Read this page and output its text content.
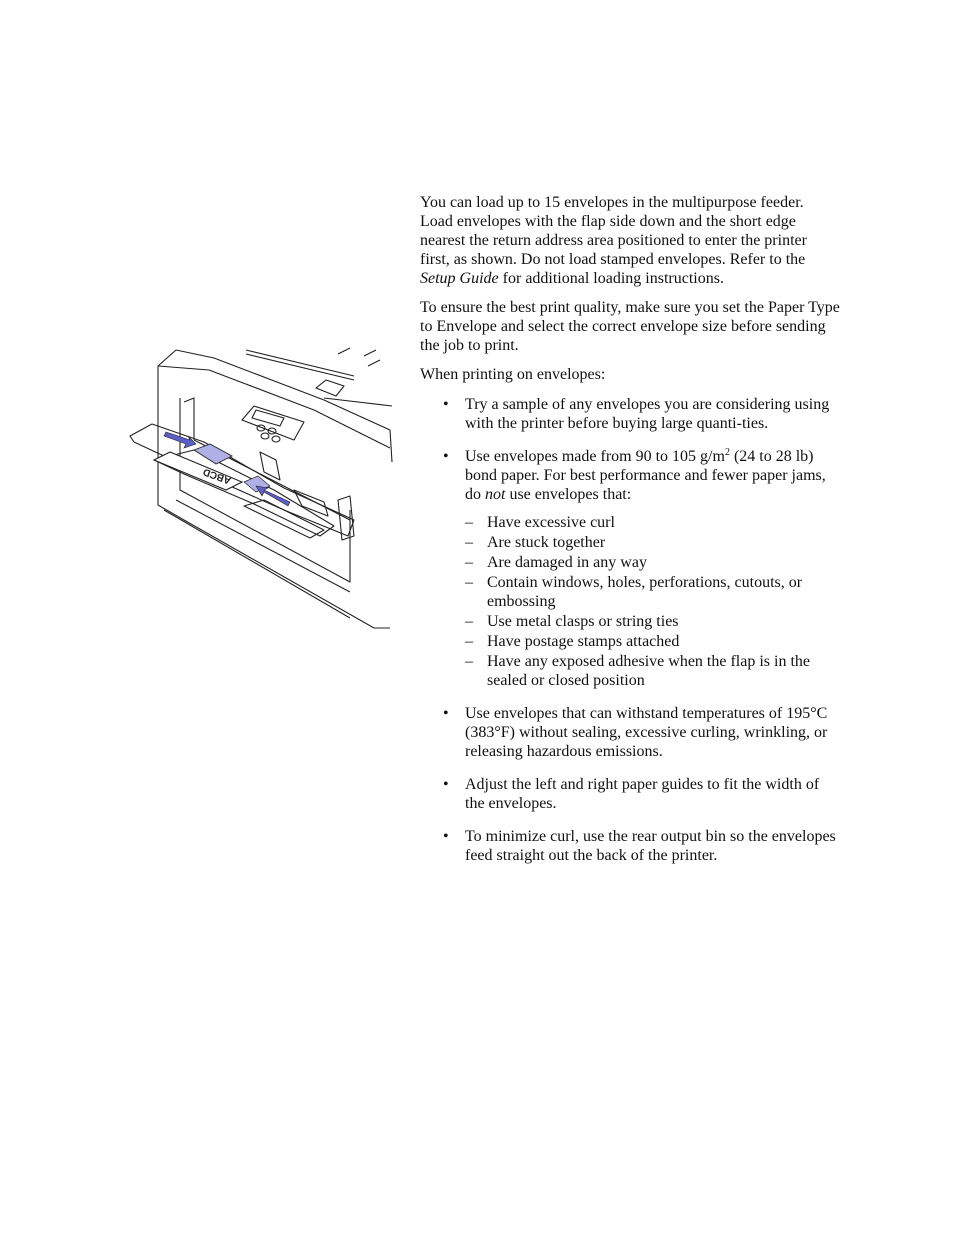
ABCD

You can load up to 15 envelopes in the multipurpose feeder. Load envelopes with the flap side down and the short edge nearest the return address area positioned to enter the printer first, as shown. Do not load stamped envelopes. Refer to the Setup Guide for additional loading instructions.

To ensure the best print quality, make sure you set the Paper Type to Envelope and select the correct envelope size before sending the job to print.

When printing on envelopes:

• Try a sample of any envelopes you are considering using with the printer before buying large quanti-ties.
• Use envelopes made from 90 to 105 $g/m^2$ (24 to 28 lb) bond paper. For best performance and fewer paper jams, do not use envelopes that:
– Have excessive curl
– Are stuck together
– Are damaged in any way
– Contain windows, holes, perforations, cutouts, or embossing
– Use metal clasps or string ties
– Have postage stamps attached
– Have any exposed adhesive when the flap is in the sealed or closed position
• Use envelopes that can withstand temperatures of 195°C (383°F) without sealing, excessive curling, wrinkling, or releasing hazardous emissions.
• Adjust the left and right paper guides to fit the width of the envelopes.
• To minimize curl, use the rear output bin so the envelopes feed straight out the back of the printer.
